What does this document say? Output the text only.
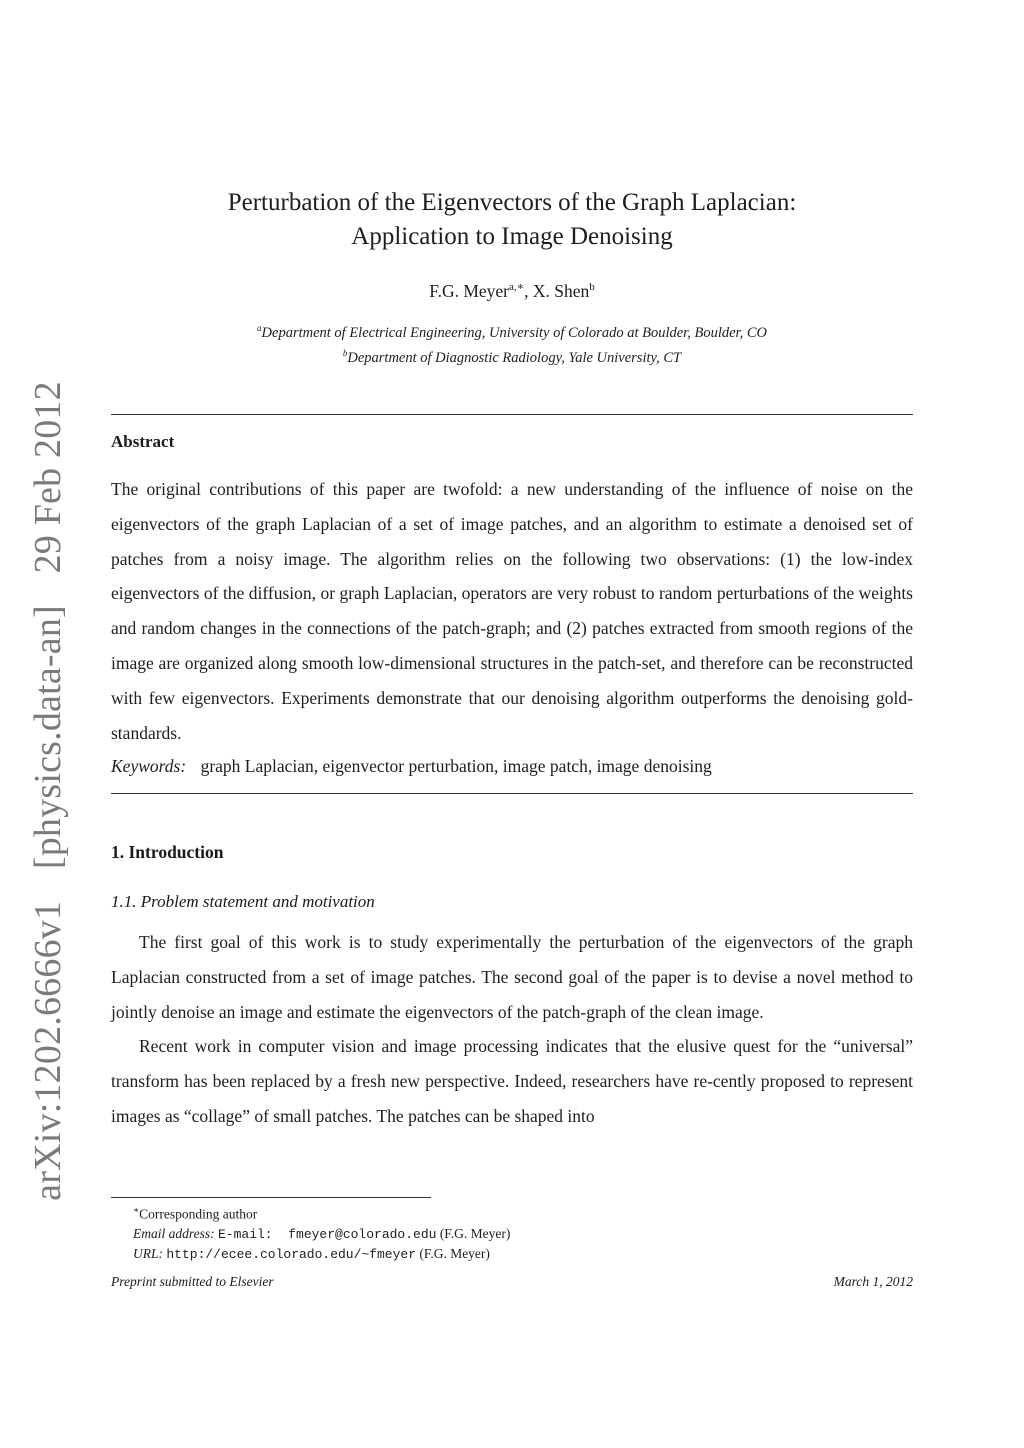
arXiv:1202.6666v1 [physics.data-an] 29 Feb 2012
Perturbation of the Eigenvectors of the Graph Laplacian:
Application to Image Denoising
F.G. Meyer$^{a,∗}$, X. Shen$^b$
$^a$Department of Electrical Engineering, University of Colorado at Boulder, Boulder, CO
$^b$Department of Diagnostic Radiology, Yale University, CT
Abstract

The original contributions of this paper are twofold: a new understanding of the influence of noise on the eigenvectors of the graph Laplacian of a set of image patches, and an algorithm to estimate a denoised set of patches from a noisy image. The algorithm relies on the following two observations: (1) the low-index eigenvectors of the diffusion, or graph Laplacian, operators are very robust to random perturbations of the weights and random changes in the connections of the patch-graph; and (2) patches extracted from smooth regions of the image are organized along smooth low-dimensional structures in the patch-set, and therefore can be reconstructed with few eigenvectors. Experiments demonstrate that our denoising algorithm outperforms the denoising gold-standards.

Keywords: graph Laplacian, eigenvector perturbation, image patch, image denoising
1. Introduction
1.1. Problem statement and motivation

The first goal of this work is to study experimentally the perturbation of the eigenvectors of the graph Laplacian constructed from a set of image patches. The second goal of the paper is to devise a novel method to jointly denoise an image and estimate the eigenvectors of the patch-graph of the clean image.

Recent work in computer vision and image processing indicates that the elusive quest for the “universal” transform has been replaced by a fresh new perspective. Indeed, researchers have re-cently proposed to represent images as “collage” of small patches. The patches can be shaped into

∗Corresponding author
Email address: E-mail:  fmeyer@colorado.edu (F.G. Meyer)
URL: http://ecee.colorado.edu/~fmeyer (F.G. Meyer)
Preprint submitted to Elsevier	March 1, 2012
